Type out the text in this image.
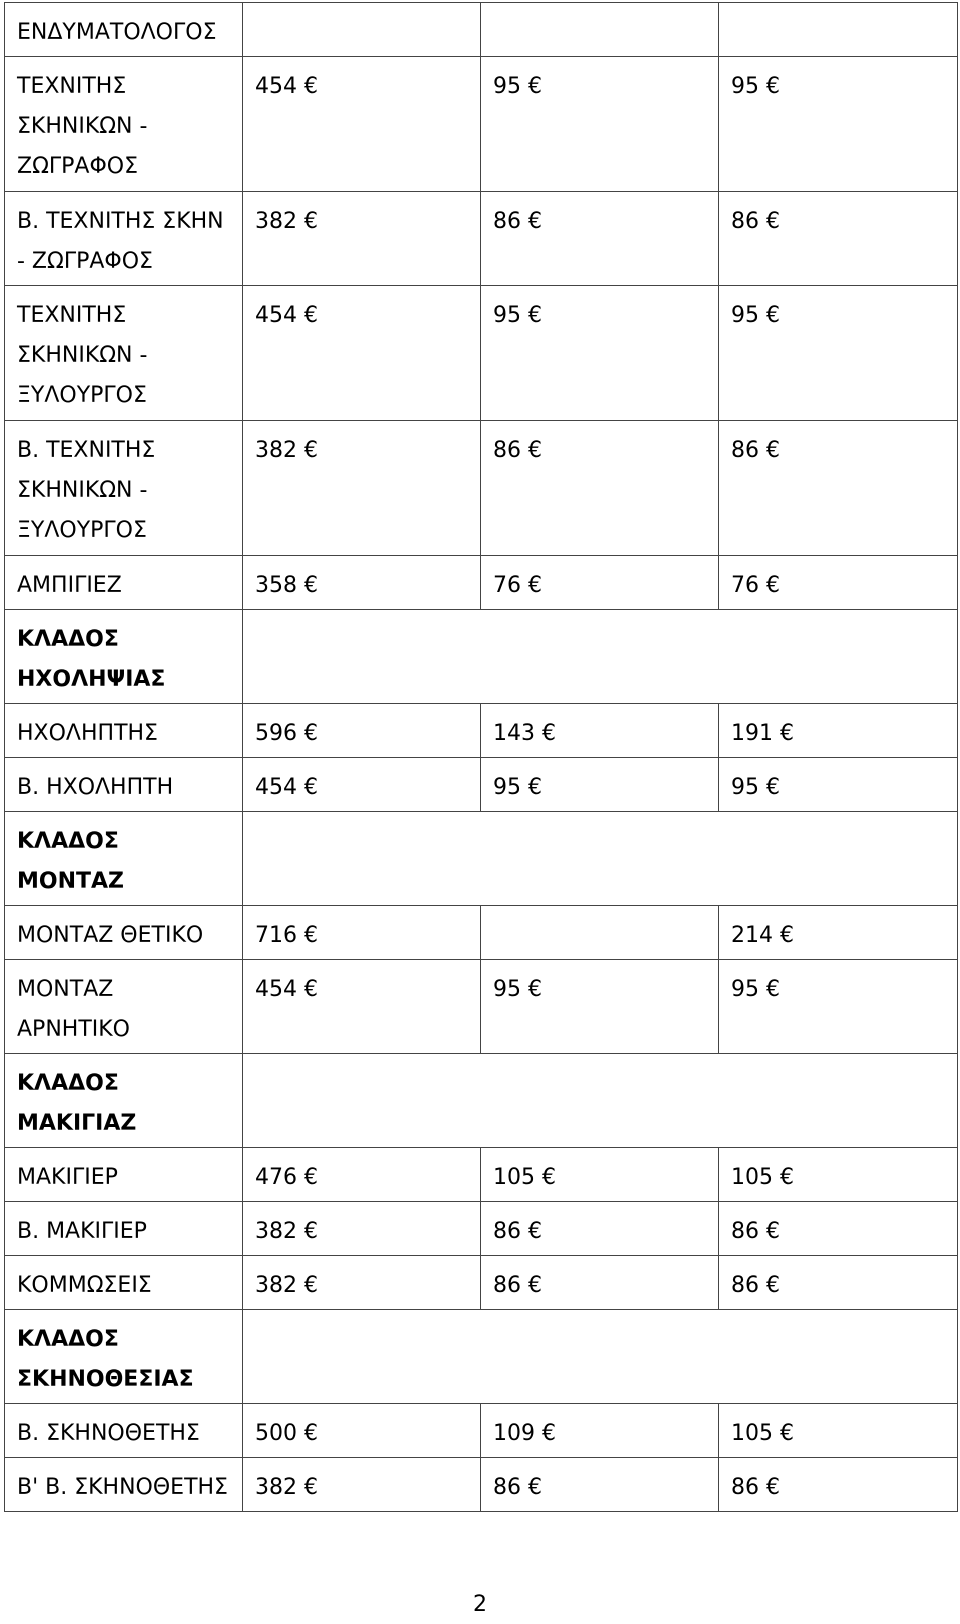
ΕΝΔΥΜΑΤΟΛΟΓΟΣ			
ΤΕΧΝΙΤΗΣ ΣΚΗΝΙΚΩΝ - ΖΩΓΡΑΦΟΣ	454 €	95 €	95 €
Β. ΤΕΧΝΙΤΗΣ ΣΚΗΝ - ΖΩΓΡΑΦΟΣ	382 €	86 €	86 €
ΤΕΧΝΙΤΗΣ ΣΚΗΝΙΚΩΝ - ΞΥΛΟΥΡΓΟΣ	454 €	95 €	95 €
Β. ΤΕΧΝΙΤΗΣ ΣΚΗΝΙΚΩΝ - ΞΥΛΟΥΡΓΟΣ	382 €	86 €	86 €
ΑΜΠΙΓΙΕΖ	358 €	76 €	76 €
ΚΛΑΔΟΣ ΗΧΟΛΗΨΙΑΣ			
ΗΧΟΛΗΠΤΗΣ	596 €	143 €	191 €
Β. ΗΧΟΛΗΠΤΗ	454 €	95 €	95 €
ΚΛΑΔΟΣ ΜΟΝΤΑΖ			
ΜΟΝΤΑΖ ΘΕΤΙΚΟ	716 €		214 €
ΜΟΝΤΑΖ ΑΡΝΗΤΙΚΟ	454 €	95 €	95 €
ΚΛΑΔΟΣ ΜΑΚΙΓΙΑΖ			
ΜΑΚΙΓΙΕΡ	476 €	105 €	105 €
Β. ΜΑΚΙΓΙΕΡ	382 €	86 €	86 €
ΚΟΜΜΩΣΕΙΣ	382 €	86 €	86 €
ΚΛΑΔΟΣ ΣΚΗΝΟΘΕΣΙΑΣ			
Β. ΣΚΗΝΟΘΕΤΗΣ	500 €	109 €	105 €
Β' Β. ΣΚΗΝΟΘΕΤΗΣ	382 €	86 €	86 €
2
